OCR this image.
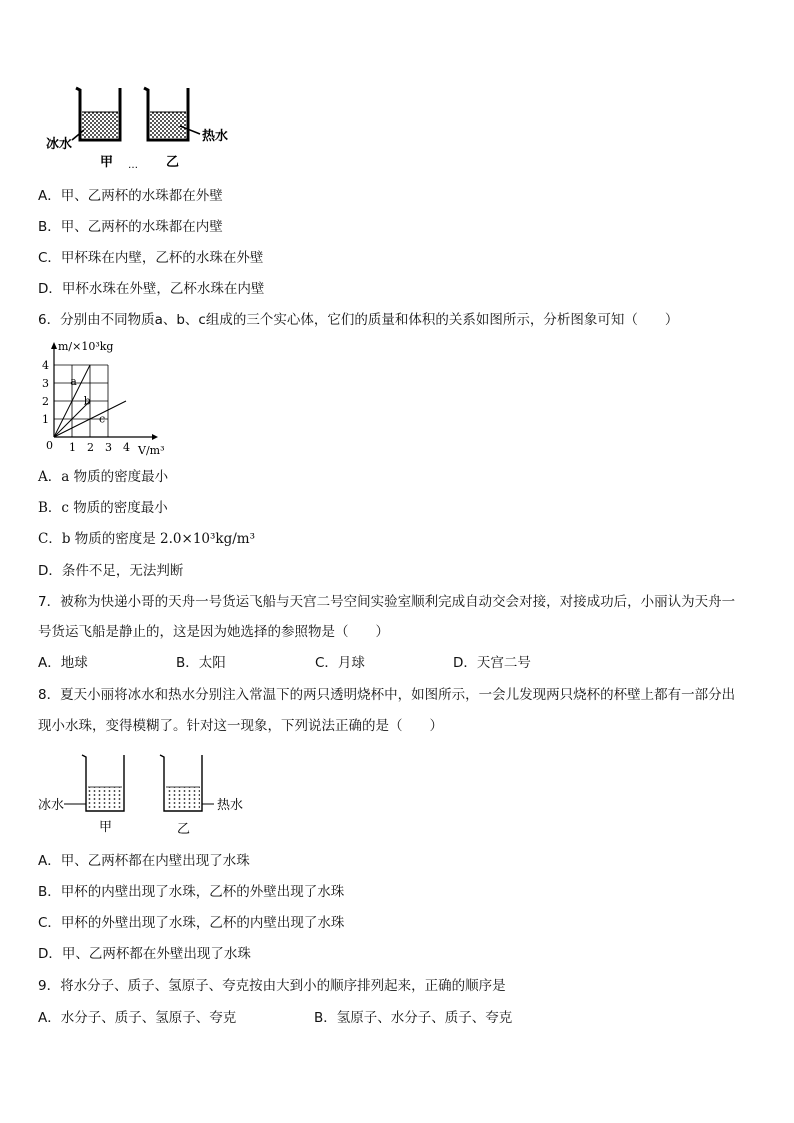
冰水
热水
甲 … 乙
A．甲、乙两杯的水珠都在外壁
B．甲、乙两杯的水珠都在内壁
C．甲杯珠在内壁，乙杯的水珠在外壁
D．甲杯水珠在外壁，乙杯水珠在内壁
6．分别由不同物质a、b、c组成的三个实心体，它们的质量和体积的关系如图所示，分析图象可知（　　）
a
b
c
0 1 2 3 4
1
2
3
4
m/×10³kg
V/m³
A．a 物质的密度最小
B．c 物质的密度最小
C．b 物质的密度是 2.0×10³kg/m³
D．条件不足，无法判断
7．被称为快递小哥的天舟一号货运飞船与天宫二号空间实验室顺利完成自动交会对接，对接成功后，小丽认为天舟一
号货运飞船是静止的，这是因为她选择的参照物是（　　）
A．地球	B．太阳	C．月球	D．天宫二号
8．夏天小丽将冰水和热水分别注入常温下的两只透明烧杯中，如图所示，一会儿发现两只烧杯的杯壁上都有一部分出
现小水珠，变得模糊了。针对这一现象，下列说法正确的是（　　）
冰水	热水
甲	乙
A．甲、乙两杯都在内壁出现了水珠
B．甲杯的内壁出现了水珠，乙杯的外壁出现了水珠
C．甲杯的外壁出现了水珠，乙杯的内壁出现了水珠
D．甲、乙两杯都在外壁出现了水珠
9．将水分子、质子、氢原子、夸克按由大到小的顺序排列起来，正确的顺序是
A．水分子、质子、氢原子、夸克	B．氢原子、水分子、质子、夸克
